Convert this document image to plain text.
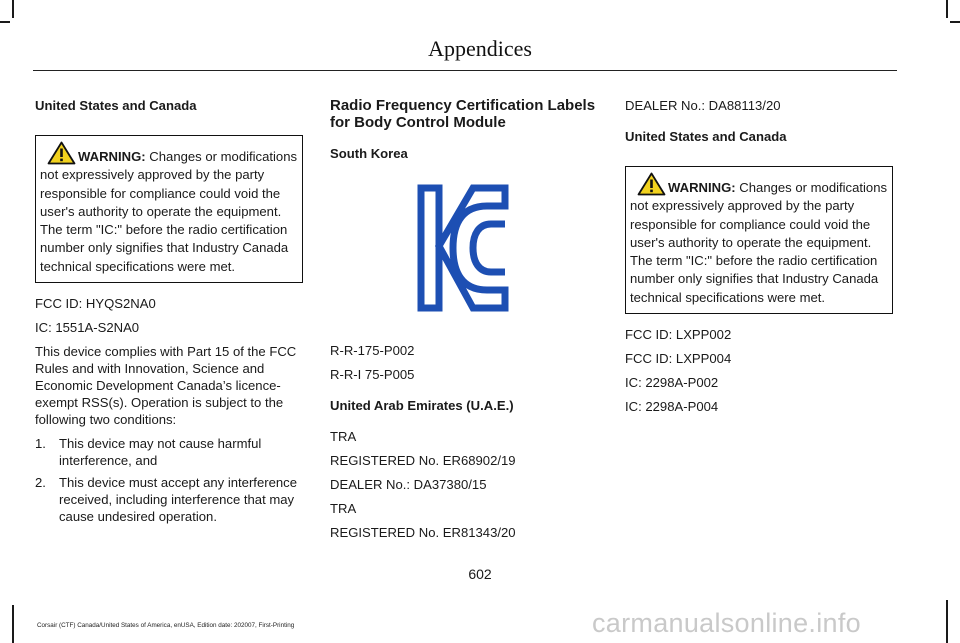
Appendices
United States and Canada
WARNING: Changes or modifications not expressively approved by the party responsible for compliance could void the user's authority to operate the equipment. The term "IC:" before the radio certification number only signifies that Industry Canada technical specifications were met.
FCC ID: HYQS2NA0
IC: 1551A-S2NA0
This device complies with Part 15 of the FCC Rules and with Innovation, Science and Economic Development Canada’s licence-exempt RSS(s). Operation is subject to the following two conditions:
1. This device may not cause harmful interference, and
2. This device must accept any interference received, including interference that may cause undesired operation.
Radio Frequency Certification Labels for Body Control Module
South Korea
R-R-175-P002
R-R-I 75-P005
United Arab Emirates (U.A.E.)
TRA
REGISTERED No. ER68902/19
DEALER No.: DA37380/15
TRA
REGISTERED No. ER81343/20
DEALER No.: DA88113/20
United States and Canada
WARNING: Changes or modifications not expressively approved by the party responsible for compliance could void the user's authority to operate the equipment. The term "IC:" before the radio certification number only signifies that Industry Canada technical specifications were met.
FCC ID: LXPP002
FCC ID: LXPP004
IC: 2298A-P002
IC: 2298A-P004
602
Corsair (CTF) Canada/United States of America, enUSA, Edition date: 202007, First-Printing	carmanualsonline.info
